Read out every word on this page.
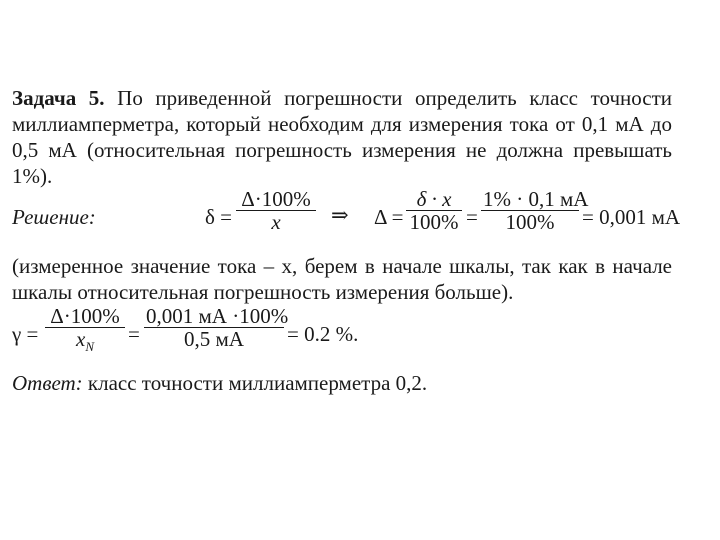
Задача 5. По приведенной погрешности определить класс точности
миллиамперметра, который необходим для измерения тока от 0,1 мА до
0,5 мА (относительная погрешность измерения не должна превышать
1%).
Решение:	$\delta = \frac{\Delta\cdot 100\%}{x}$ ⇒ $\Delta = \frac{\delta \cdot x}{100\%}$ =
1% · 0,1 мА
100%	= 0,001 мА
(измеренное значение тока – x, берем в начале шкалы, так как в начале
шкалы относительная погрешность измерения больше).
$\gamma = \frac{\Delta\cdot 100\%}{x_N}$ =
0,001 мА ·100%
0,5 мА	= 0.2 %.
Ответ: класс точности миллиамперметра 0,2.
